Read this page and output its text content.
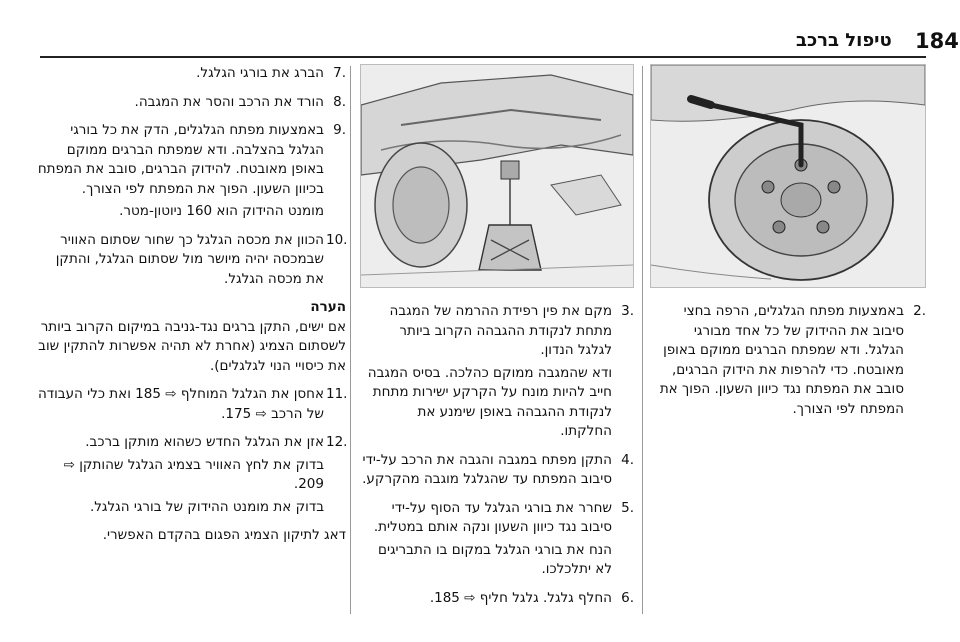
184
טיפול ברכב
7.
הברג את בורגי הגלגל.
8.
הורד את הרכב והסר את המגבה.
9.
באמצעות מפתח הגלגלים, הדק את כל בורגי הגלגל בהצלבה. ודא שמפתח הברגים ממוקם באופן מאובטח. להידוק הברגים, סובב את המפתח בכיוון השעון. הפוך את המפתח לפי הצורך.
מומנט ההידוק הוא 160 ניוטון-מטר.
10.
הכוון את מכסה הגלגל כך שחור שסתום האוויר שבמכסה יהיה מיושר מול שסתום הגלגל, והתקן את מכסה הגלגל.
הערה
אם ישים, התקן ברגים נגד-גניבה במיקום הקרוב ביותר לשסתום הצמיג (אחרת לא תהיה אפשרות להתקין שוב את כיסויי הנוי לגלגלים).
11.
אחסן את הגלגל המוחלף ⇨ 185 ואת כלי העבודה של הרכב ⇨ 175.
12.
אזן את הגלגל החדש כשהוא מותקן ברכב.
בדוק את לחץ האוויר בצמיג הגלגל שהותקן ⇨ 209.
בדוק את מומנט ההידוק של בורגי הגלגל.
דאג לתיקון הצמיג הפגום בהקדם האפשרי.
3.
מקם את פין רפידת ההרמה של המגבה מתחת לנקודת ההגבהה הקרוב ביותר לגלגל הנדון.
ודא שהמגבה ממוקם כהלכה. בסיס המגבה חייב להיות מונח על הקרקע ישירות מתחת לנקודת ההגבהה באופן שימנע את החלקתו.
4.
התקן מפתח במגבה והגבה את הרכב על-ידי סיבוב המפתח עד שהגלגל מוגבה מהקרקע.
5.
שחרר את בורגי הגלגל עד הסוף על-ידי סיבוב נגד כיוון השעון ונקה אותם במטלית.
הנח את בורגי הגלגל במקום בו התבריגים לא יתלכלכו.
6.
החלף גלגל. גלגל חליף ⇨ 185.
2.
באמצעות מפתח הגלגלים, הרפה בחצי סיבוב את ההידוק של כל אחד מבורגי הגלגל. ודא שמפתח הברגים ממוקם באופן מאובטח. כדי להרפות את הידוק הברגים, סובב את המפתח נגד כיוון השעון. הפוך את המפתח לפי הצורך.
